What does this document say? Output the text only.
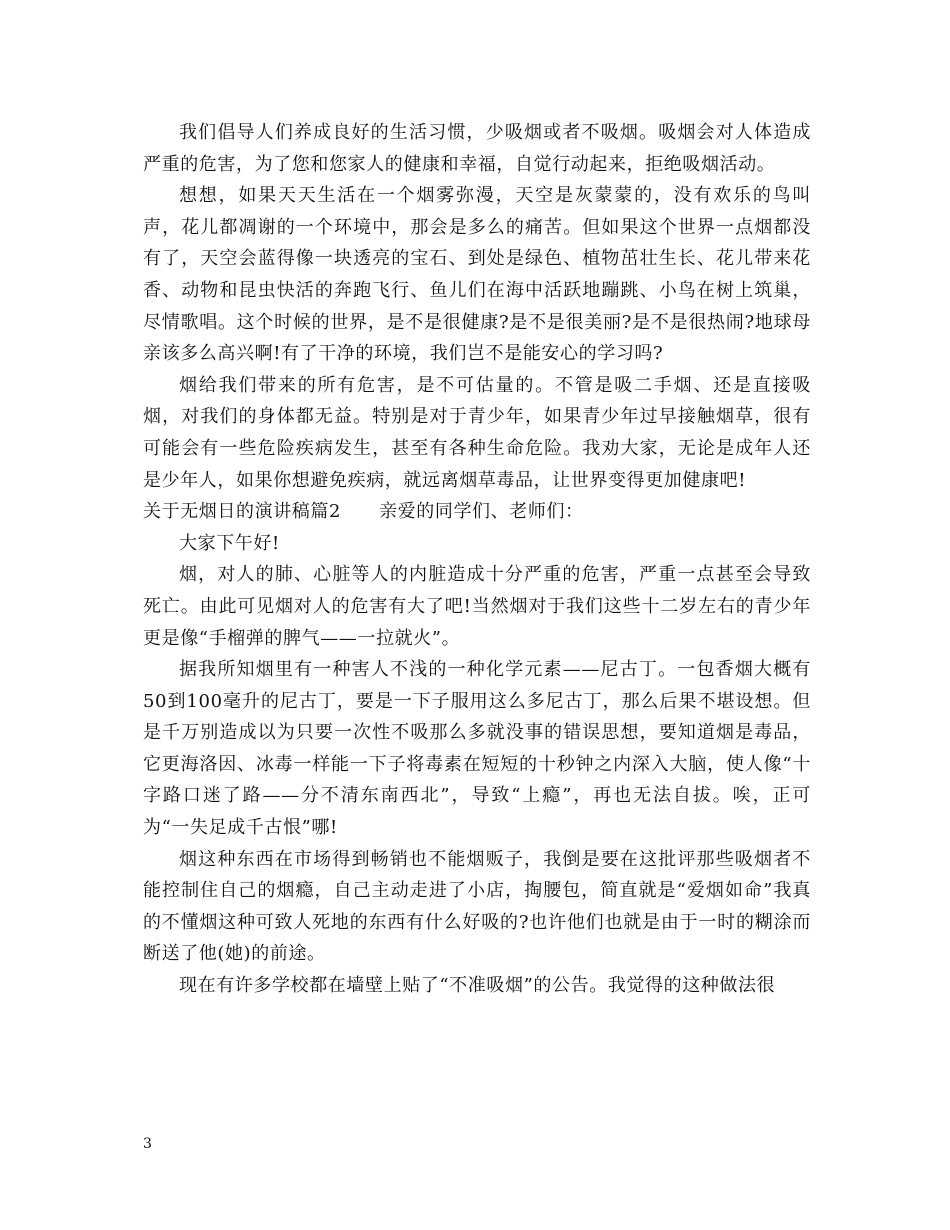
我们倡导人们养成良好的生活习惯，少吸烟或者不吸烟。吸烟会对人体造成严重的危害，为了您和您家人的健康和幸福，自觉行动起来，拒绝吸烟活动。

想想，如果天天生活在一个烟雾弥漫，天空是灰蒙蒙的，没有欢乐的鸟叫声，花儿都凋谢的一个环境中，那会是多么的痛苦。但如果这个世界一点烟都没有了，天空会蓝得像一块透亮的宝石、到处是绿色、植物茁壮生长、花儿带来花香、动物和昆虫快活的奔跑飞行、鱼儿们在海中活跃地蹦跳、小鸟在树上筑巢，尽情歌唱。这个时候的世界，是不是很健康?是不是很美丽?是不是很热闹?地球母亲该多么高兴啊!有了干净的环境，我们岂不是能安心的学习吗?

烟给我们带来的所有危害，是不可估量的。不管是吸二手烟、还是直接吸烟，对我们的身体都无益。特别是对于青少年，如果青少年过早接触烟草，很有可能会有一些危险疾病发生，甚至有各种生命危险。我劝大家，无论是成年人还是少年人，如果你想避免疾病，就远离烟草毒品，让世界变得更加健康吧!

关于无烟日的演讲稿篇2 亲爱的同学们、老师们：

大家下午好!

烟，对人的肺、心脏等人的内脏造成十分严重的危害，严重一点甚至会导致死亡。由此可见烟对人的危害有大了吧!当然烟对于我们这些十二岁左右的青少年更是像“手榴弹的脾气——一拉就火”。

据我所知烟里有一种害人不浅的一种化学元素——尼古丁。一包香烟大概有50到100毫升的尼古丁，要是一下子服用这么多尼古丁，那么后果不堪设想。但是千万别造成以为只要一次性不吸那么多就没事的错误思想，要知道烟是毒品，它更海洛因、冰毒一样能一下子将毒素在短短的十秒钟之内深入大脑，使人像“十字路口迷了路——分不清东南西北”，导致“上瘾”，再也无法自拔。唉，正可为“一失足成千古恨”哪!

烟这种东西在市场得到畅销也不能烟贩子，我倒是要在这批评那些吸烟者不能控制住自己的烟瘾，自己主动走进了小店，掏腰包，简直就是“爱烟如命”我真的不懂烟这种可致人死地的东西有什么好吸的?也许他们也就是由于一时的糊涂而断送了他(她)的前途。

现在有许多学校都在墙壁上贴了“不准吸烟”的公告。我觉得的这种做法很

3
